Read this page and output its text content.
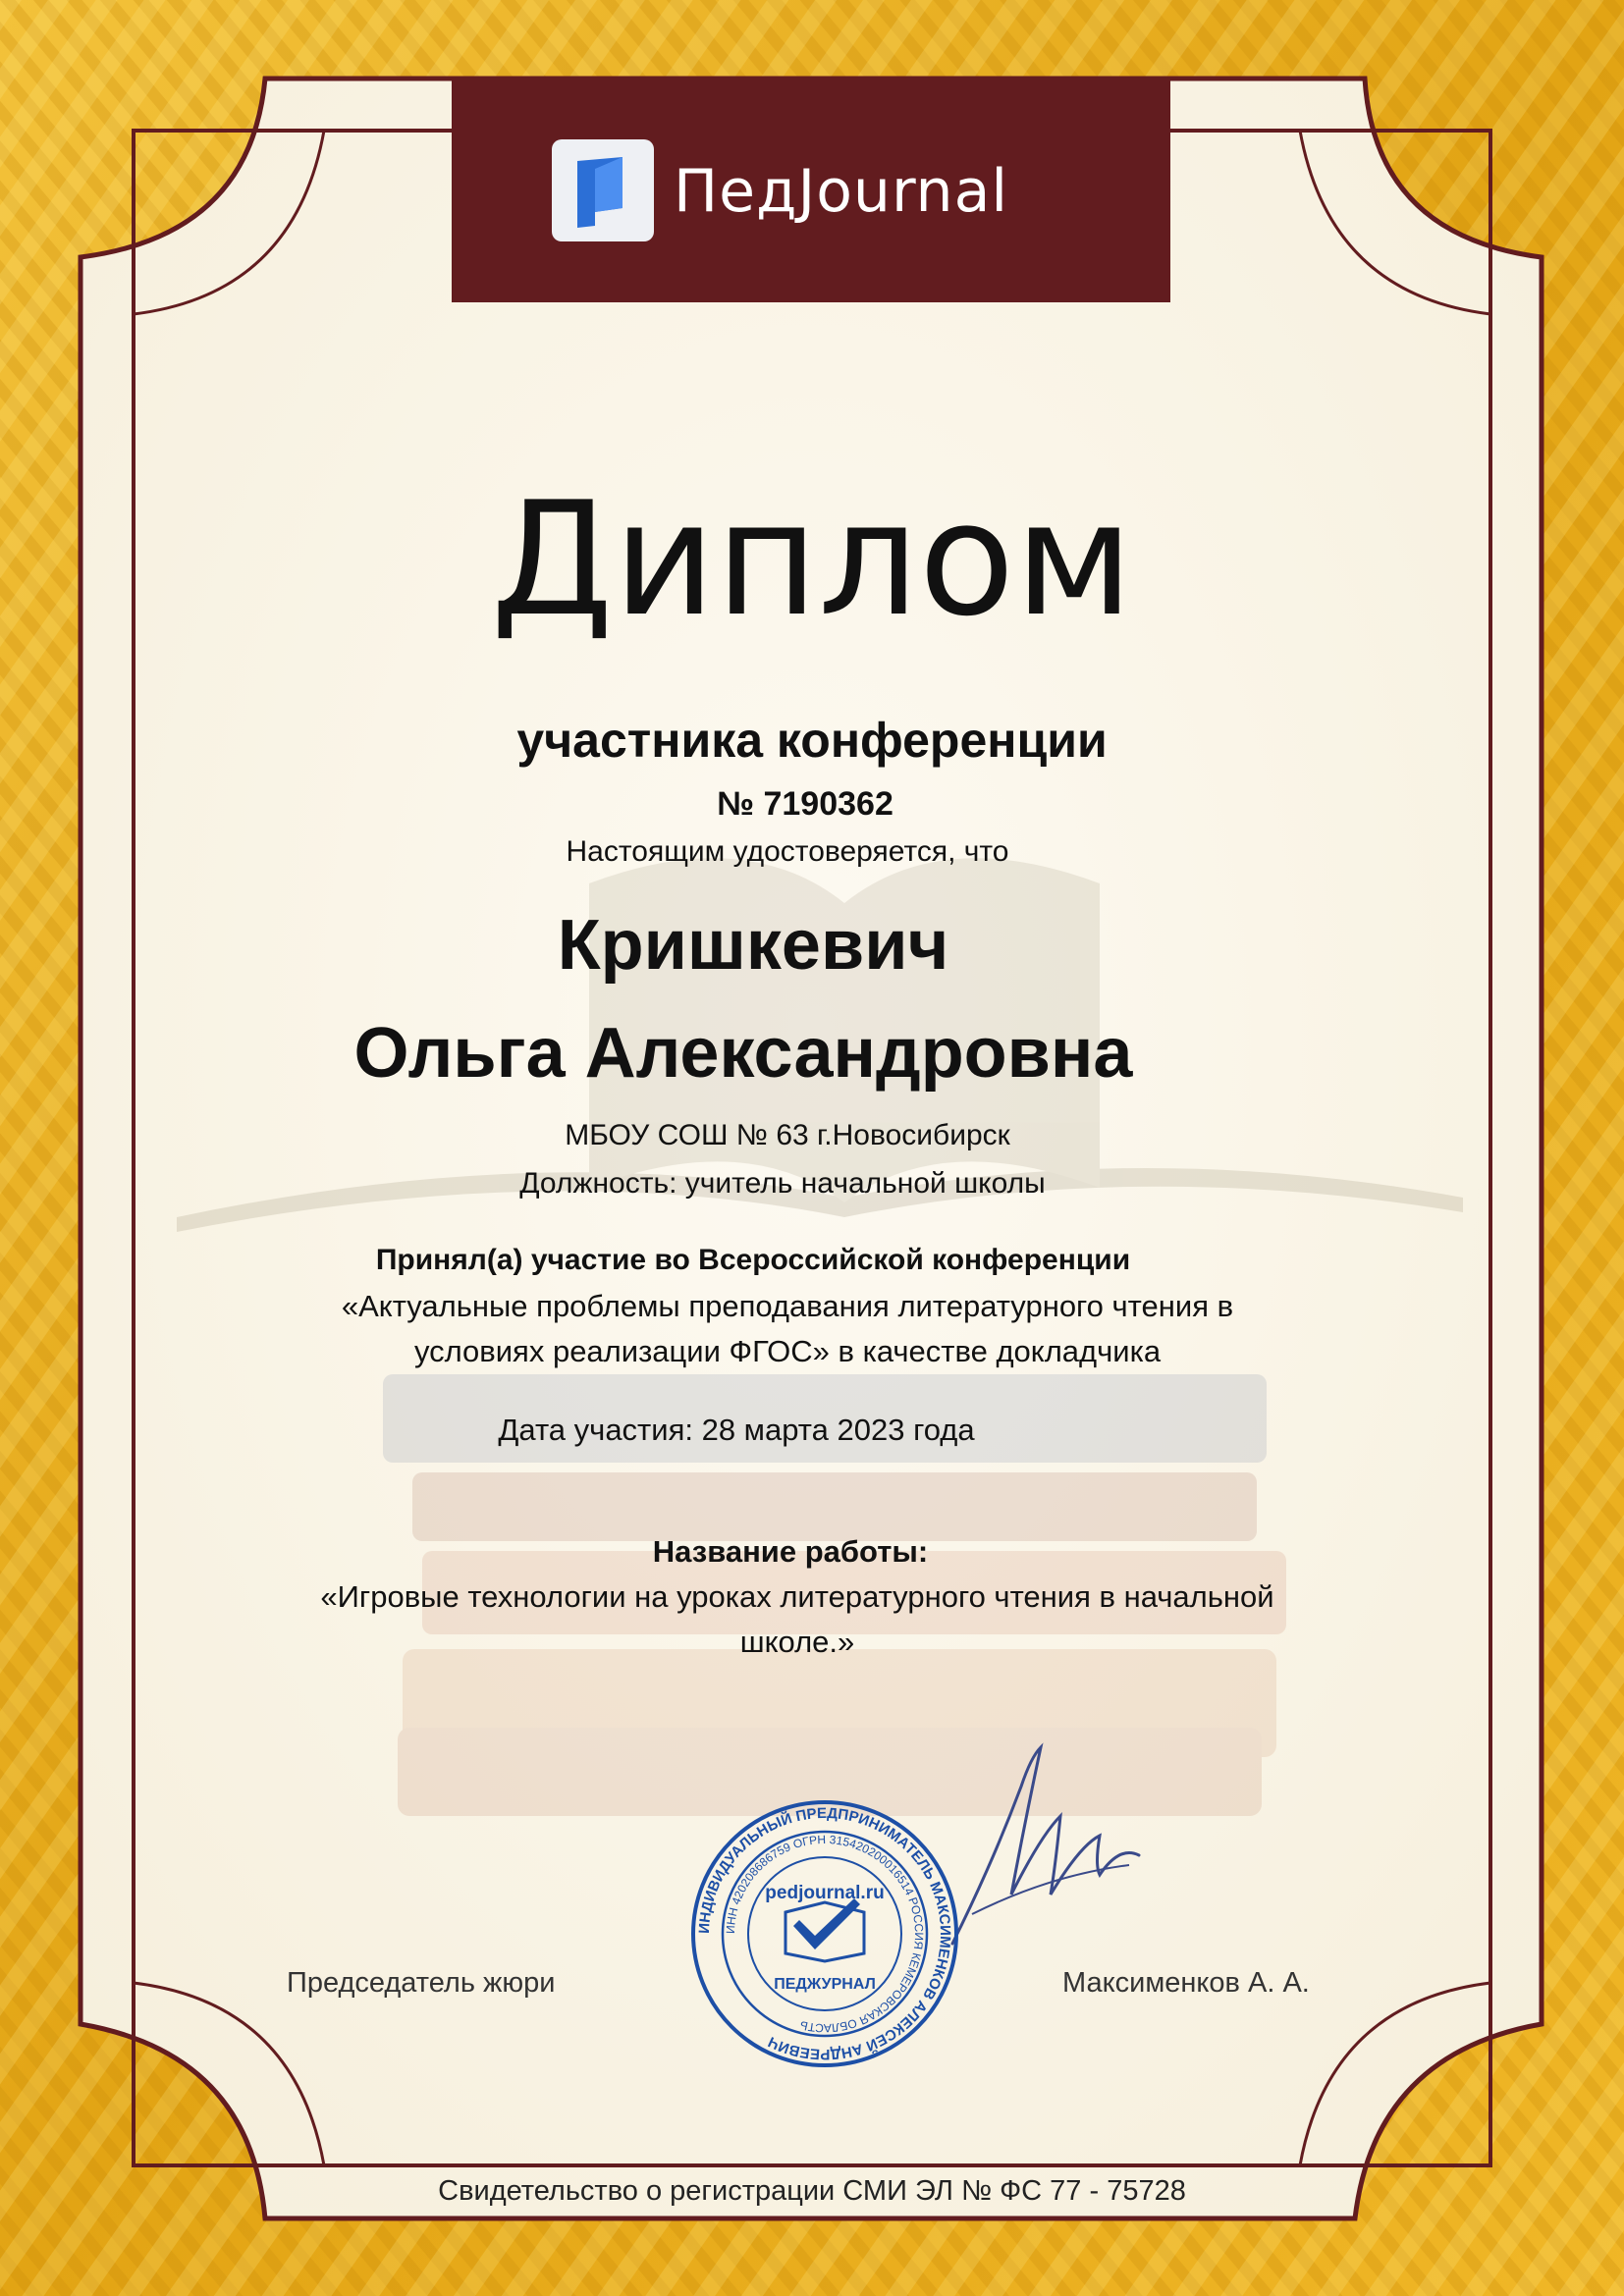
ПедJournal
Диплом
участника конференции
№ 7190362
Настоящим удостоверяется, что
Кришкевич
Ольга Александровна
МБОУ СОШ № 63 г.Новосибирск
Должность: учитель начальной школы
Принял(а) участие во Всероссийской конференции
«Актуальные проблемы преподавания литературного чтения в
условиях реализации ФГОС» в качестве докладчика
Дата участия: 28 марта 2023 года
Название работы:
«Игровые технологии на уроках литературного чтения в начальной
школе.»
Председатель жюри	Максименков А. А.
ИНДИВИДУАЛЬНЫЙ ПРЕДПРИНИМАТЕЛЬ МАКСИМЕНКОВ АЛЕКСЕЙ АНДРЕЕВИЧ
ИНН 420208686759 ОГРН 315420200016514 РОССИЯ КЕМЕРОВСКАЯ ОБЛАСТЬ
pedjournal.ru
ПЕДЖУРНАЛ
Свидетельство о регистрации СМИ ЭЛ № ФС 77 - 75728
